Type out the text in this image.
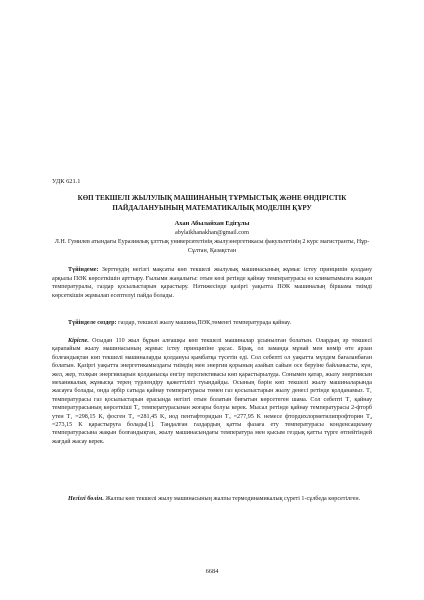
УДК 621.1
КӨП ТЕКШЕЛІ ЖЫЛУЛЫҚ МАШИНАНЫҢ ТҰРМЫСТЫҚ ЖӘНЕ ӨНДІРІСТІК ПАЙДАЛАНУЫНЫҢ МАТЕМАТИКАЛЫҚ МОДЕЛІН ҚҰРУ
Ахан Абылайхан Едігұлы
abylaikhanakhan@gmail.com
Л.Н. Гумилев атындағы Еуразиялық ұлттық университетінің жылуэнергетикасы факультетінің 2 курс магистранты, Нұр-Сұлтан, Қазақстан
Түйіндеме: Зерттеудің негізгі мақсаты көп текшелі жылулық машинасының жұмыс істеу принципін қолдану арқылы ПӘК көрсеткішін арттыру. Ғылыми жаңалығы: отын көзі ретінде қайнау температурасы өз климатымызға жақын температуралы, газдар қосылыстарын қарастыру. Нәтижесінде қазіргі уақытта ПӘК машиналың біршама тиімді көрсеткішін жұмылап есептелуі пайда болады.
Түйінделе сөздер: газдар, текшелі жылу машина,ПӘК,төменгі температурада қайнау.
Кіріспе. Осыдан 110 жыл бұрын алғашқы көп текшелі машиналар ұсынылған болатын. Олардың әр текшесі қарапайым жылу машинасының жұмыс істеу принципіне ұқсас. Бірақ, ол заманда мұнай мен көмір өте арзан болғандықтан көп текшелі машиналарды қолдануы қымбатқа түсетін еді. Сол себепті ол уақытта мүлдем бағаланбаған болатын. Қазіргі уақытта энергетикамыздағы тиімдің мен энергия қорының азайып сайын осе беруіне байланысты, күн, жел, жер, толқын энергияларын қолданысқа енгізу перспективасы көп қарастырылуда. Сонымен қатар, жылу энергиясын механикалық жұмысқа терең түрлендіру қажеттілігі туындайды. Осының бәрін көп текшелі жылу машиналарында жасауға болады, онда әрбір сатыда қайнау температурасы төмен газ қосылыстарын жылу денесі ретінде қолданамыз. T₁ температурасы газ қосылыстарын ерасында негізгі отын болатын биғытын көрсетеген шама. Сол себепті T₁ қайнау температурасының көрсеткіші T₂ температурасынан жоғары болуы керек. Мысал ретінде қайнау температурасы 2-фторб утен T₁ =298,15 K, фосген T₂ =281,45 K, иод пентафторидын T₃ =277,95 K немесе фтордихлорметилипрофторин T₄ =273,15 K қарастыруға болады[1]. Таңдалған газдардың қатты фазаға ету температурасы конденсацилану температурасына жақын болғандықтан, жылу машинасындағы температура мен қысым гездық қатты түрге өтпейтіндей жағдай жасау керек.
Негізгі бөлім. Жалпы көп текшелі жылу машинасының жалпы термодинамикалық сүреті 1-сұлбеда көрсетілген.
6684
